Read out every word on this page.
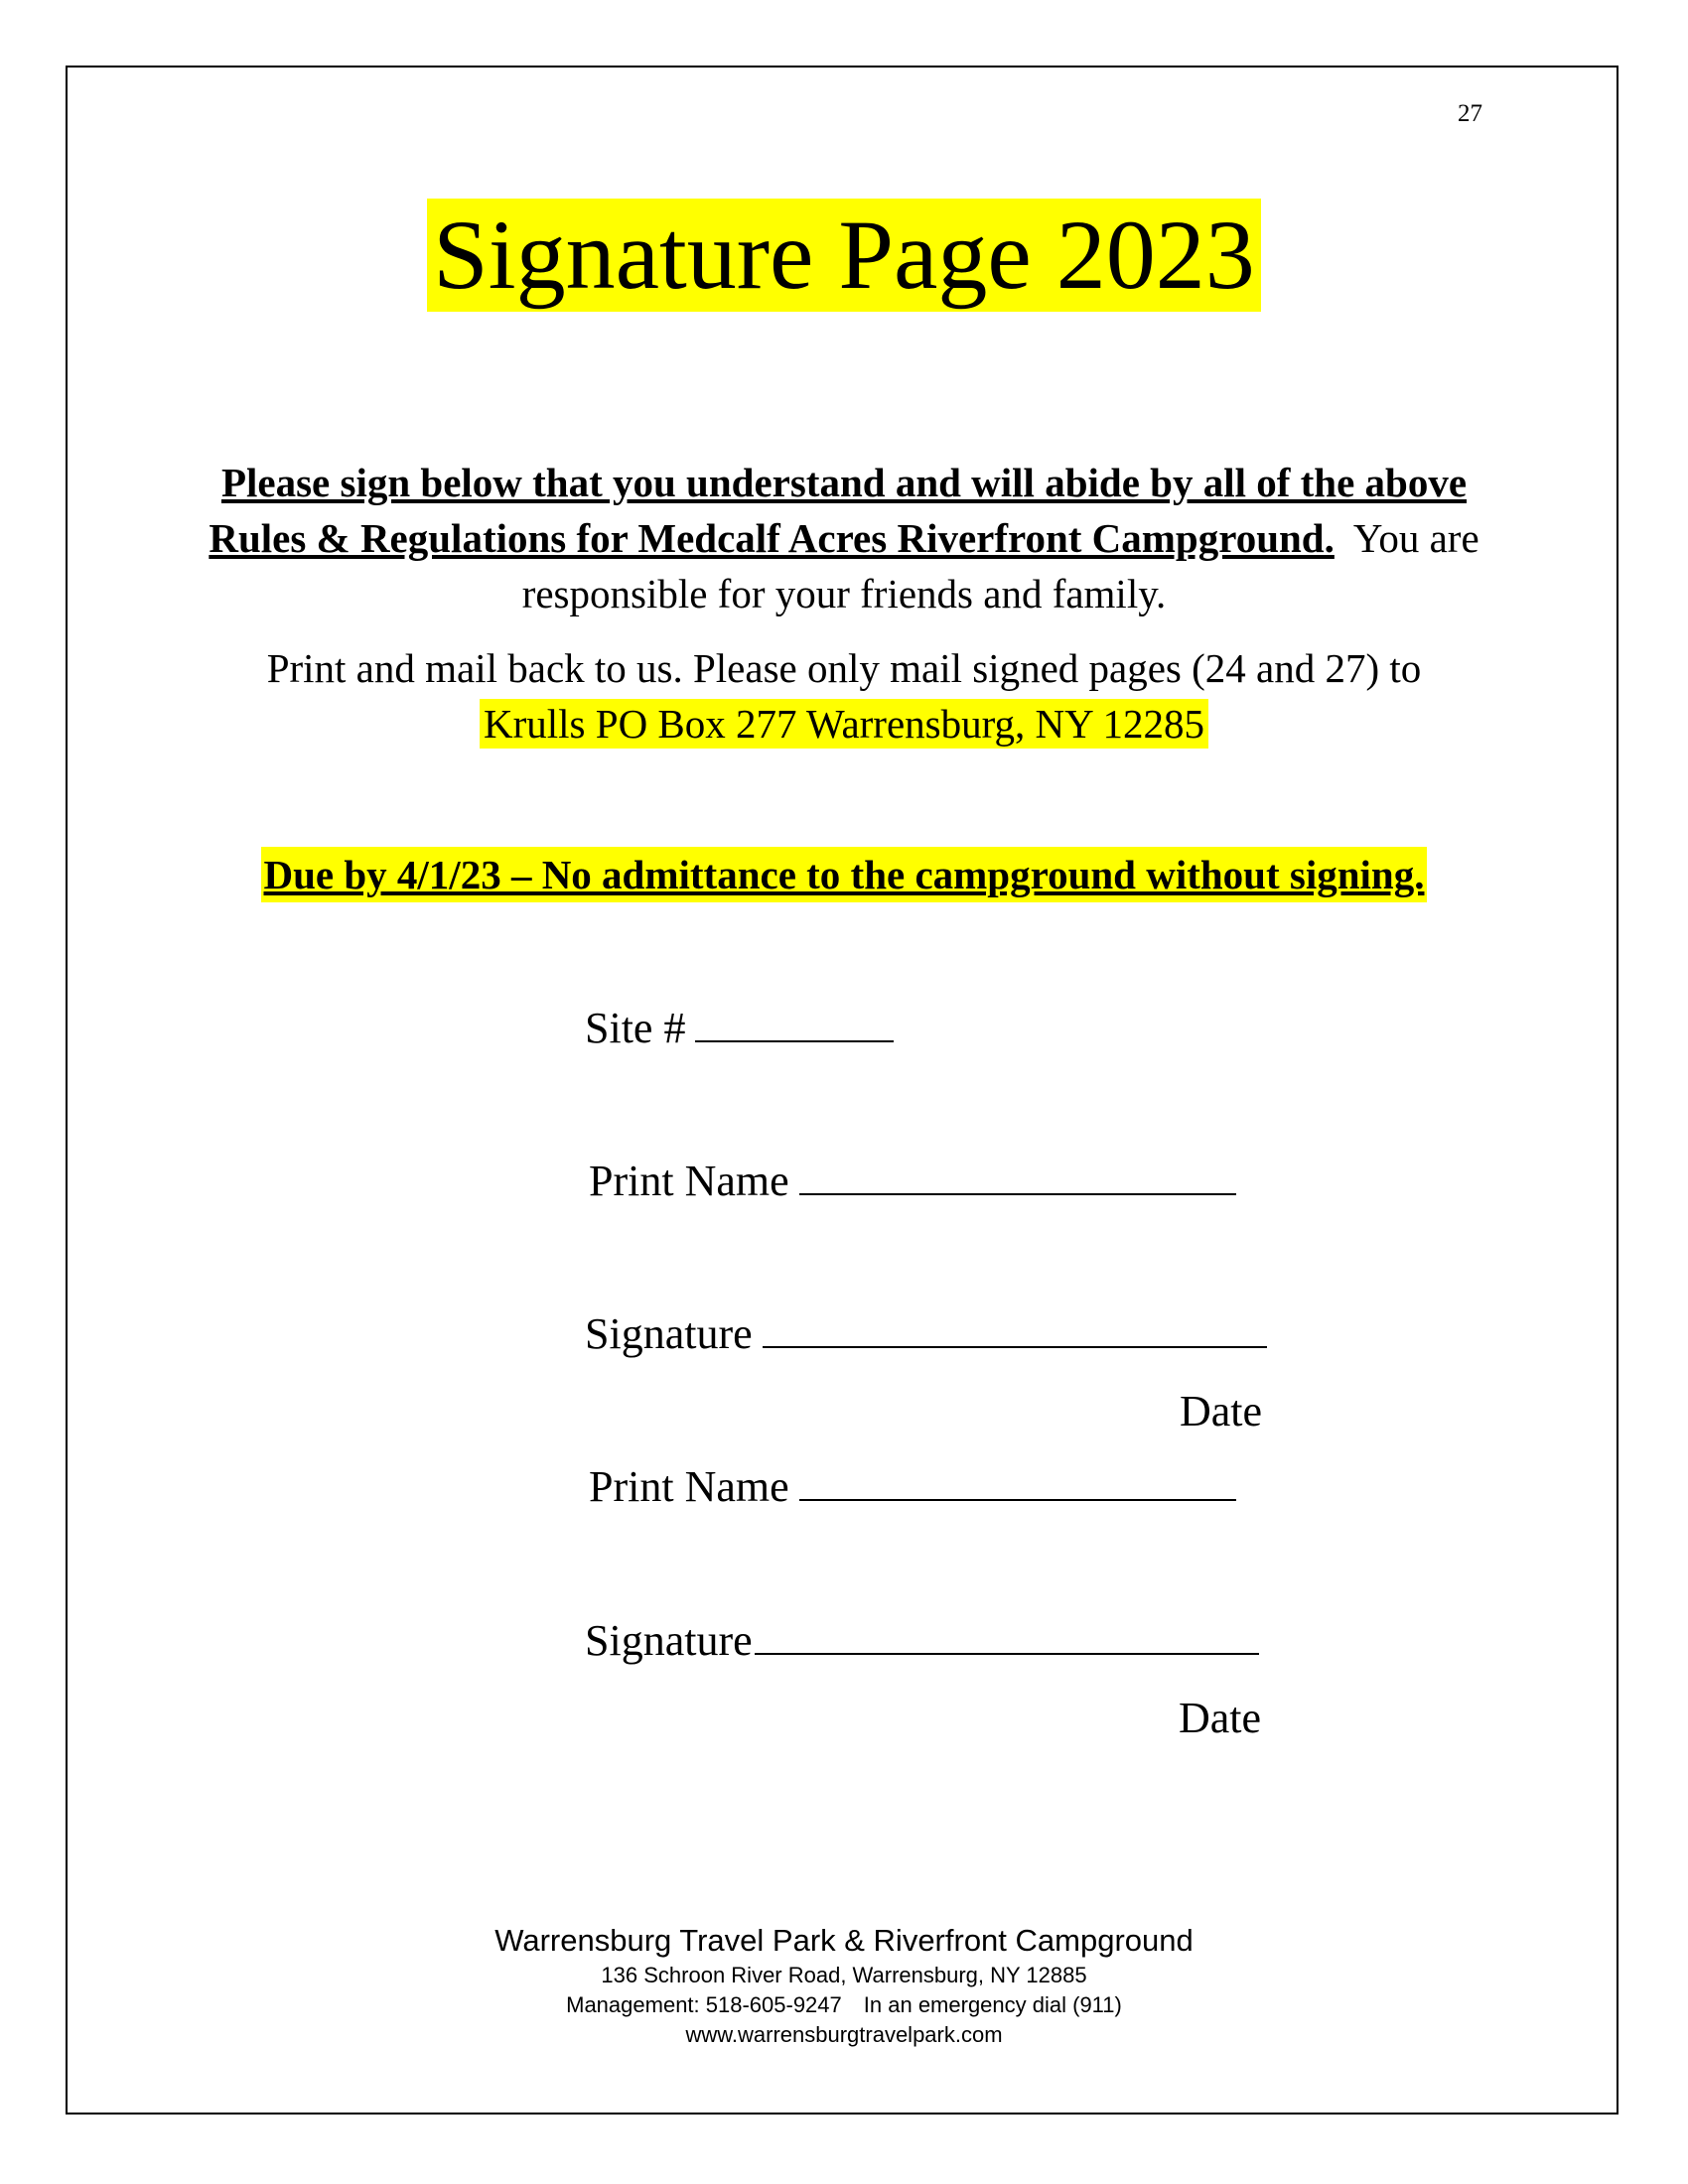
27
Signature Page 2023
Please sign below that you understand and will abide by all of the above Rules & Regulations for Medcalf Acres Riverfront Campground. You are responsible for your friends and family.
Print and mail back to us. Please only mail signed pages (24 and 27) to
Krulls PO Box 277 Warrensburg, NY 12285
Due by 4/1/23 – No admittance to the campground without signing.
Site #
Print Name
Signature
Date
Print Name
Signature
Date
Warrensburg Travel Park & Riverfront Campground
136 Schroon River Road, Warrensburg, NY 12885
Management: 518-605-9247 In an emergency dial (911)
www.warrensburgtravelpark.com
